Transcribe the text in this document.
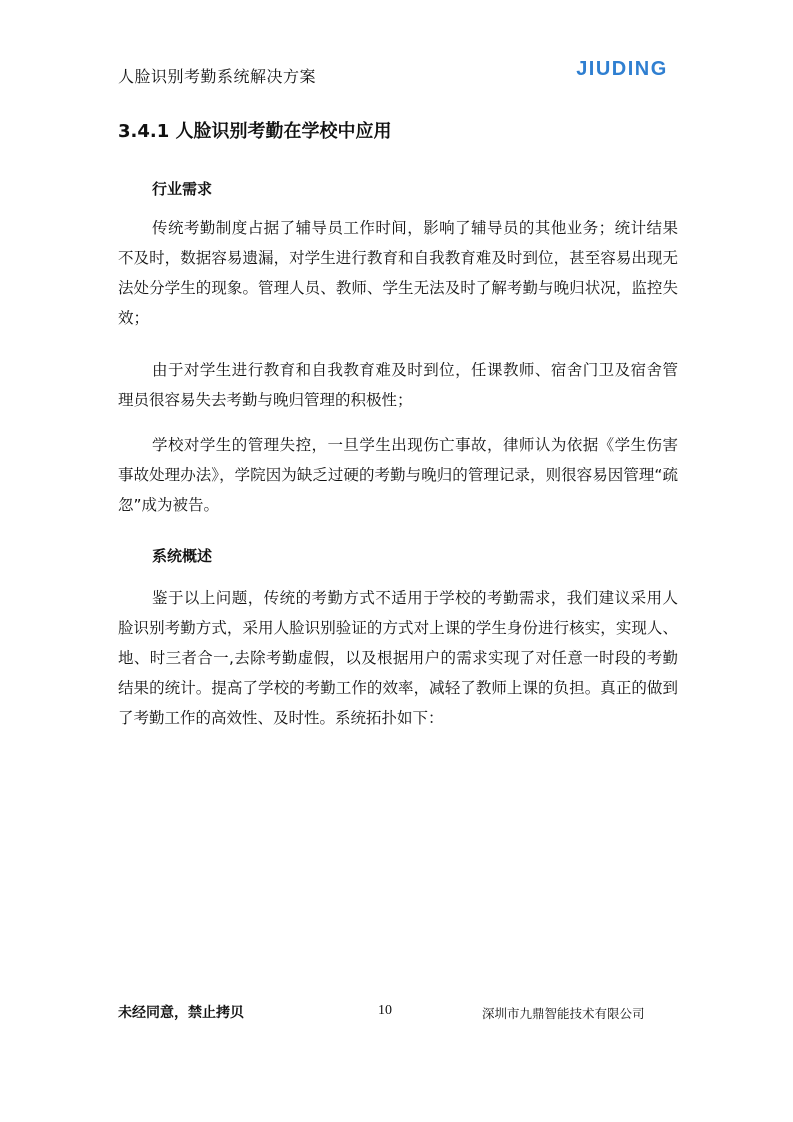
人脸识别考勤系统解决方案	JIUDING
3.4.1 人脸识别考勤在学校中应用
行业需求

传统考勤制度占据了辅导员工作时间，影响了辅导员的其他业务；统计结果不及时，数据容易遗漏，对学生进行教育和自我教育难及时到位，甚至容易出现无法处分学生的现象。管理人员、教师、学生无法及时了解考勤与晚归状况，监控失效；

由于对学生进行教育和自我教育难及时到位，任课教师、宿舍门卫及宿舍管理员很容易失去考勤与晚归管理的积极性；

学校对学生的管理失控，一旦学生出现伤亡事故，律师认为依据《学生伤害事故处理办法》，学院因为缺乏过硬的考勤与晚归的管理记录，则很容易因管理“疏忽”成为被告。

系统概述

鉴于以上问题，传统的考勤方式不适用于学校的考勤需求，我们建议采用人脸识别考勤方式，采用人脸识别验证的方式对上课的学生身份进行核实，实现人、地、时三者合一,去除考勤虚假，以及根据用户的需求实现了对任意一时段的考勤结果的统计。提高了学校的考勤工作的效率，减轻了教师上课的负担。真正的做到了考勤工作的高效性、及时性。系统拓扑如下：

未经同意，禁止拷贝	10	深圳市九鼎智能技术有限公司
